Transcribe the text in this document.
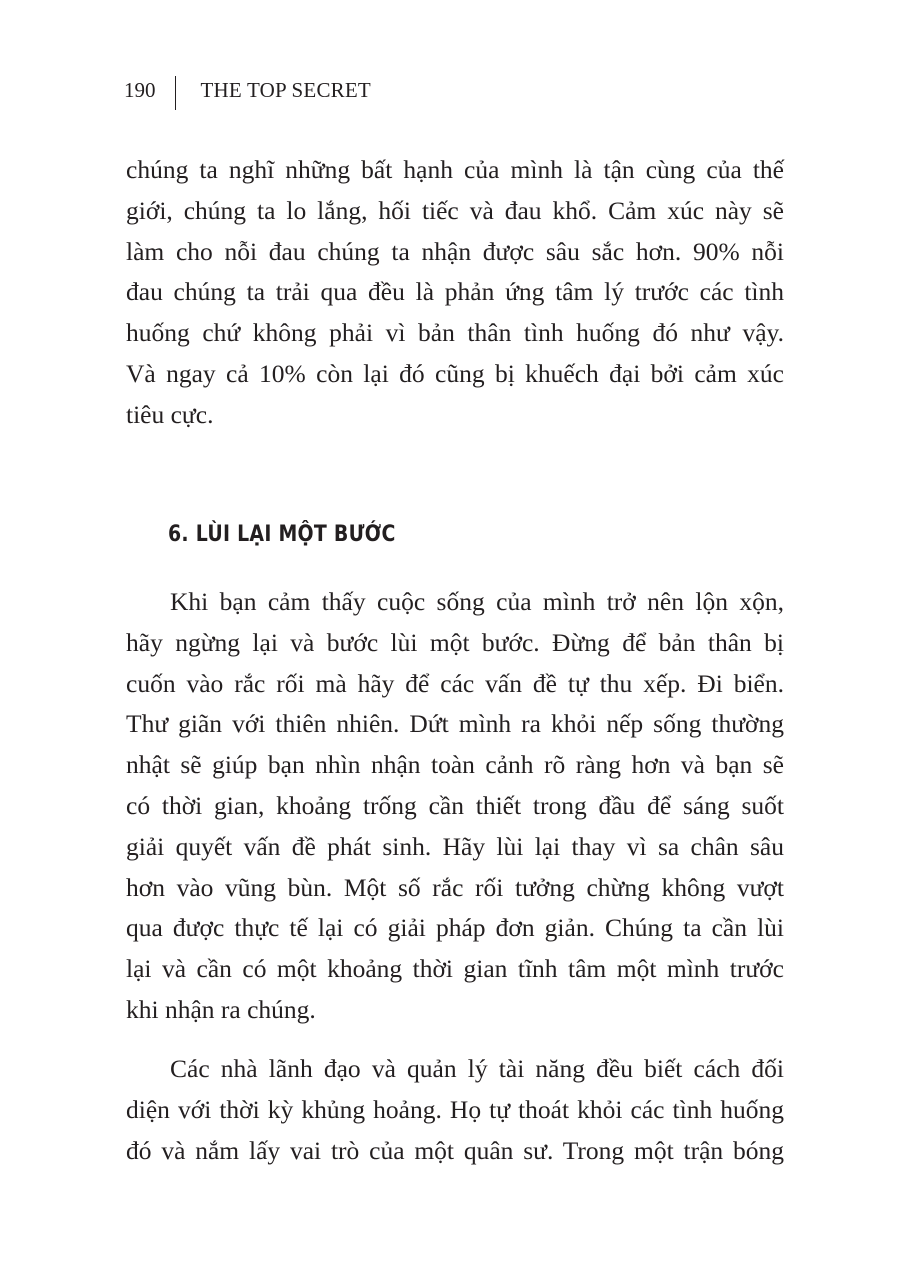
190 THE TOP SECRET

chúng ta nghĩ những bất hạnh của mình là tận cùng của thế
giới, chúng ta lo lắng, hối tiếc và đau khổ. Cảm xúc này sẽ
làm cho nỗi đau chúng ta nhận được sâu sắc hơn. 90% nỗi
đau chúng ta trải qua đều là phản ứng tâm lý trước các tình
huống chứ không phải vì bản thân tình huống đó như vậy.
Và ngay cả 10% còn lại đó cũng bị khuếch đại bởi cảm xúc
tiêu cực.

6. LÙI LẠI MỘT BƯỚC

Khi bạn cảm thấy cuộc sống của mình trở nên lộn xộn,
hãy ngừng lại và bước lùi một bước. Đừng để bản thân bị
cuốn vào rắc rối mà hãy để các vấn đề tự thu xếp. Đi biển.
Thư giãn với thiên nhiên. Dứt mình ra khỏi nếp sống thường
nhật sẽ giúp bạn nhìn nhận toàn cảnh rõ ràng hơn và bạn sẽ
có thời gian, khoảng trống cần thiết trong đầu để sáng suốt
giải quyết vấn đề phát sinh. Hãy lùi lại thay vì sa chân sâu
hơn vào vũng bùn. Một số rắc rối tưởng chừng không vượt
qua được thực tế lại có giải pháp đơn giản. Chúng ta cần lùi
lại và cần có một khoảng thời gian tĩnh tâm một mình trước
khi nhận ra chúng.

Các nhà lãnh đạo và quản lý tài năng đều biết cách đối
diện với thời kỳ khủng hoảng. Họ tự thoát khỏi các tình huống
đó và nắm lấy vai trò của một quân sư. Trong một trận bóng
